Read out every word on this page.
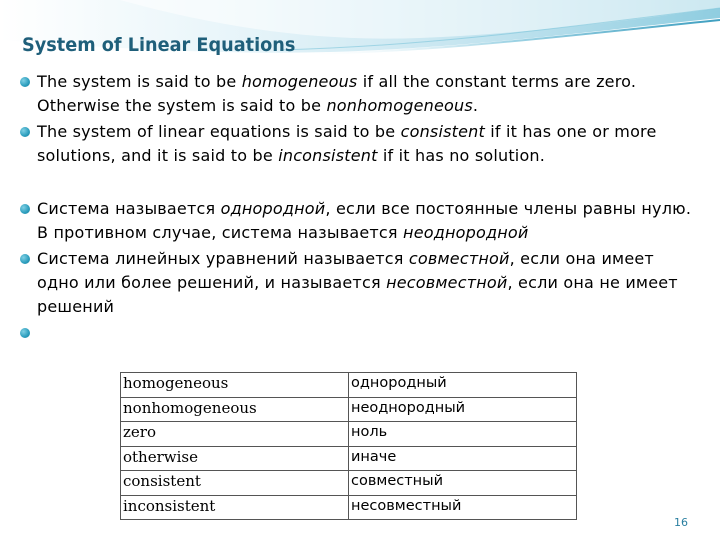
System of Linear Equations
The system is said to be homogeneous if all the constant terms are zero. Otherwise the system is said to be nonhomogeneous.
The system of linear equations is said to be consistent if it has one or more solutions, and it is said to be inconsistent if it has no solution.
Система называется однородной, если все постоянные члены равны нулю. В противном случае, система называется неоднородной
Система линейных уравнений называется совместной, если она имеет одно или более решений, и называется несовместной, если она не имеет решений
homogeneous	однородный
nonhomogeneous	неоднородный
zero	ноль
otherwise	иначе
consistent	совместный
inconsistent	несовместный
16
